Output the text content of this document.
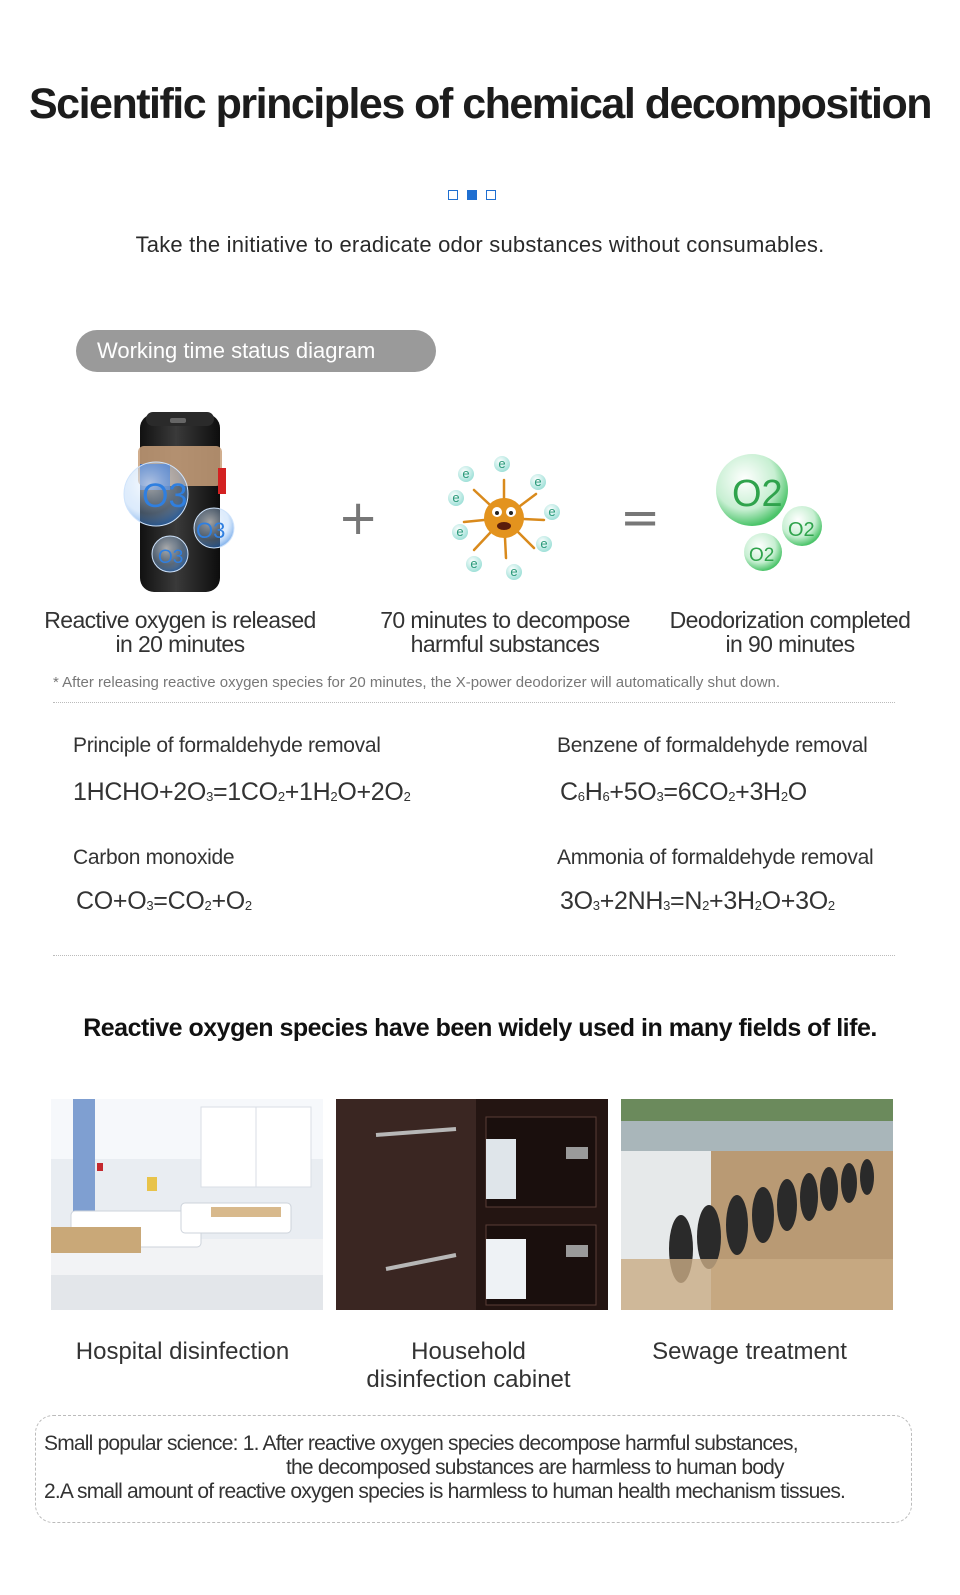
Scientific principles of chemical decomposition
Take the initiative to eradicate odor substances without consumables.
Working time status diagram
O3
O3
O3
+
e
e
e
e
e
e
e
e
e
= O2
O2
O2
Reactive oxygen is released
in 20 minutes
70 minutes to decompose
harmful substances
Deodorization completed
in 90 minutes
* After releasing reactive oxygen species for 20 minutes, the X-power deodorizer will automatically shut down.
Principle of formaldehyde removal
$1HCHO+2O_3=1CO_2+1H_2O+2O_2$
Benzene of formaldehyde removal
$C_6H_6+5O_3=6CO_2+3H_2O$
Carbon monoxide
$CO+O_3=CO_2+O_2$
Ammonia of formaldehyde removal
$3O_3+2NH_3=N_2+3H_2O+3O_2$
Reactive oxygen species have been widely used in many fields of life.
Hospital disinfection	Household
disinfection cabinet
Sewage treatment
Small popular science: 1. After reactive oxygen species decompose harmful substances,
the decomposed substances are harmless to human body
2.A small amount of reactive oxygen species is harmless to human health mechanism tissues.
